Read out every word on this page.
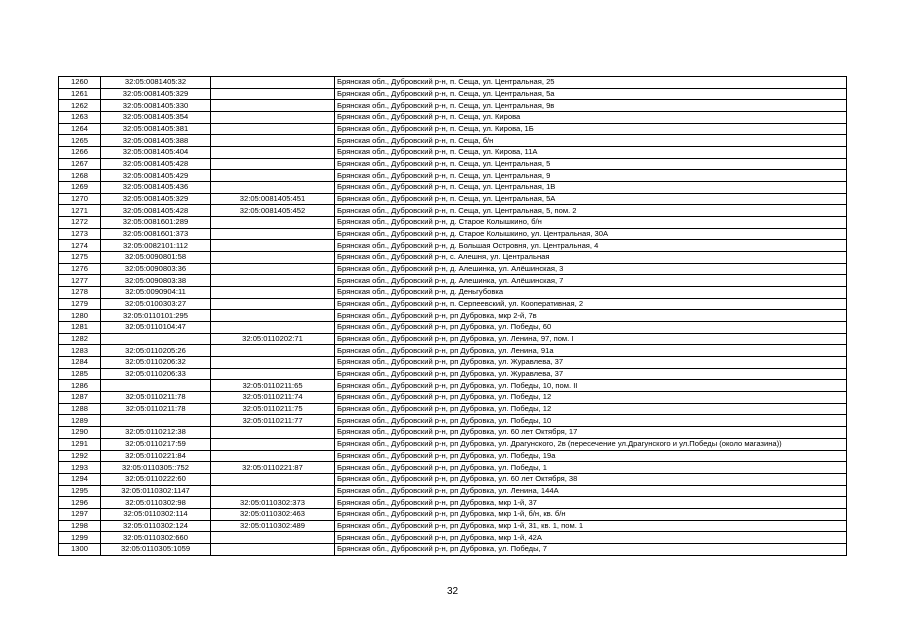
1260	32:05:0081405:32		Брянская обл., Дубровский р-н, п. Сеща, ул. Центральная, 25
1261	32:05:0081405:329		Брянская обл., Дубровский р-н, п. Сеща, ул. Центральная, 5а
1262	32:05:0081405:330		Брянская обл., Дубровский р-н, п. Сеща, ул. Центральная, 9в
1263	32:05:0081405:354		Брянская обл., Дубровский р-н, п. Сеща, ул. Кирова
1264	32:05:0081405:381		Брянская обл., Дубровский р-н, п. Сеща, ул. Кирова, 1Б
1265	32:05:0081405:388		Брянская обл., Дубровский р-н, п. Сеща, б/н
1266	32:05:0081405:404		Брянская обл., Дубровский р-н, п. Сеща, ул. Кирова, 11А
1267	32:05:0081405:428		Брянская обл., Дубровский р-н, п. Сеща, ул. Центральная, 5
1268	32:05:0081405:429		Брянская обл., Дубровский р-н, п. Сеща, ул. Центральная, 9
1269	32:05:0081405:436		Брянская обл., Дубровский р-н, п. Сеща, ул. Центральная, 1В
1270	32:05:0081405:329	32:05:0081405:451	Брянская обл., Дубровский р-н, п. Сеща, ул. Центральная, 5А
1271	32:05:0081405:428	32:05:0081405:452	Брянская обл., Дубровский р-н, п. Сеща, ул. Центральная, 5, пом. 2
1272	32:05:0081601:289		Брянская обл., Дубровский р-н, д. Старое Колышкино, б/н
1273	32:05:0081601:373		Брянская обл., Дубровский р-н, д. Старое Колышкино, ул. Центральная, 30А
1274	32:05:0082101:112		Брянская обл., Дубровский р-н, д. Большая Островня, ул. Центральная, 4
1275	32:05:0090801:58		Брянская обл., Дубровский р-н, с. Алешня, ул. Центральная
1276	32:05:0090803:36		Брянская обл., Дубровский р-н, д. Алешинка, ул. Алёшинская, 3
1277	32:05:0090803:38		Брянская обл., Дубровский р-н, д. Алешинка, ул. Алёшинская, 7
1278	32:05:0090904:11		Брянская обл., Дубровский р-н, д. Деньгубовка
1279	32:05:0100303:27		Брянская обл., Дубровский р-н, п. Серпеевский, ул. Кооперативная, 2
1280	32:05:0110101:295		Брянская обл., Дубровский р-н, рп Дубровка, мкр 2-й, 7в
1281	32:05:0110104:47		Брянская обл., Дубровский р-н, рп Дубровка, ул. Победы, 60
1282		32:05:0110202:71	Брянская обл., Дубровский р-н, рп Дубровка, ул. Ленина, 97, пом. I
1283	32:05:0110205:26		Брянская обл., Дубровский р-н, рп Дубровка, ул. Ленина, 91а
1284	32:05:0110206:32		Брянская обл., Дубровский р-н, рп Дубровка, ул. Журавлева, 37
1285	32:05:0110206:33		Брянская обл., Дубровский р-н, рп Дубровка, ул. Журавлева, 37
1286		32:05:0110211:65	Брянская обл., Дубровский р-н, рп Дубровка, ул. Победы, 10, пом. II
1287	32:05:0110211:78	32:05:0110211:74	Брянская обл., Дубровский р-н, рп Дубровка, ул. Победы, 12
1288	32:05:0110211:78	32:05:0110211:75	Брянская обл., Дубровский р-н, рп Дубровка, ул. Победы, 12
1289		32:05:0110211:77	Брянская обл., Дубровский р-н, рп Дубровка, ул. Победы, 10
1290	32:05:0110212:38		Брянская обл., Дубровский р-н, рп Дубровка, ул. 60 лет Октября, 17
1291	32:05:0110217:59		Брянская обл., Дубровский р-н, рп Дубровка, ул. Драгунского, 2в (пересечение ул.Драгунского и ул.Победы (около магазина))
1292	32:05:0110221:84		Брянская обл., Дубровский р-н, рп Дубровка, ул. Победы, 19а
1293	32:05:0110305::752	32:05:0110221:87	Брянская обл., Дубровский р-н, рп Дубровка, ул. Победы, 1
1294	32:05:0110222:60		Брянская обл., Дубровский р-н, рп Дубровка, ул. 60 лет Октября, 38
1295	32:05:0110302:1147		Брянская обл., Дубровский р-н, рп Дубровка, ул. Ленина, 144А
1296	32:05:0110302:98	32:05:0110302:373	Брянская обл., Дубровский р-н, рп Дубровка, мкр 1-й, 37
1297	32:05:0110302:114	32:05:0110302:463	Брянская обл., Дубровский р-н, рп Дубровка, мкр 1-й, б/н, кв. б/н
1298	32:05:0110302:124	32:05:0110302:489	Брянская обл., Дубровский р-н, рп Дубровка, мкр 1-й, 31, кв. 1, пом. 1
1299	32:05:0110302:660		Брянская обл., Дубровский р-н, рп Дубровка, мкр 1-й, 42А
1300	32:05:0110305:1059		Брянская обл., Дубровский р-н, рп Дубровка, ул. Победы, 7
32
